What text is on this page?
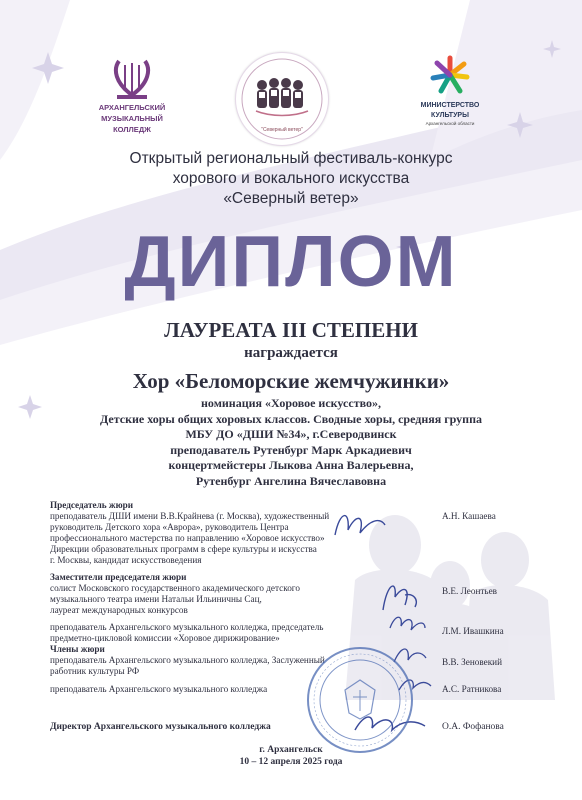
АРХАНГЕЛЬСКИЙ
МУЗЫКАЛЬНЫЙ
КОЛЛЕДЖ	"Северный ветер"
МИНИСТЕРСТВО
КУЛЬТУРЫ
Архангельской области
Открытый региональный фестиваль-конкурс
хорового и вокального искусства
«Северный ветер»
ДИПЛОМ
ЛАУРЕАТА III СТЕПЕНИ
награждается
Хор «Беломорские жемчужинки»
номинация «Хоровое искусство»,
Детские хоры общих хоровых классов. Сводные хоры, средняя группа
МБУ ДО «ДШИ №34», г.Северодвинск
преподаватель Рутенбург Марк Аркадиевич
концертмейстеры Лыкова Анна Валерьевна,
Рутенбург Ангелина Вячеславовна
Председатель жюри
преподаватель ДШИ имени В.В.Крайнева (г. Москва), художественный
руководитель Детского хора «Аврора», руководитель Центра
профессионального мастерства по направлению «Хоровое искусство»
Дирекции образовательных программ в сфере культуры и искусства
г. Москвы, кандидат искусствоведения
А.Н. Кашаева
Заместители председателя жюри
солист Московского государственного академического детского
музыкального театра имени Натальи Ильиничны Сац,
лауреат международных конкурсов
В.Е. Леонтьев
преподаватель Архангельского музыкального колледжа, председатель
предметно-цикловой комиссии «Хоровое дирижирование»
Л.М. Ивашкина
Члены жюри
преподаватель Архангельского музыкального колледжа, Заслуженный
работник культуры РФ
В.В. Зеновекий
преподаватель Архангельского музыкального колледжа	А.С. Ратникова
Директор Архангельского музыкального колледжа	О.А. Фофанова
г. Архангельск
10 – 12 апреля 2025 года
